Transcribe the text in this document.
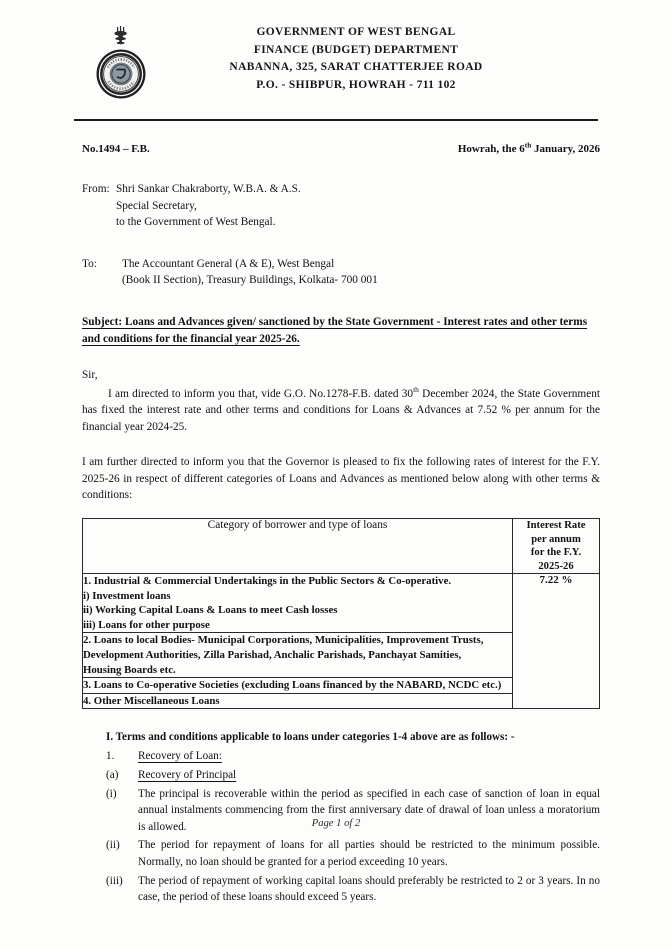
GOVERNMENT OF WEST BENGAL
FINANCE (BUDGET) DEPARTMENT
NABANNA, 325, SARAT CHATTERJEE ROAD
P.O. - SHIBPUR, HOWRAH - 711 102
No.1494 – F.B.	Howrah, the 6th January, 2026
From: Shri Sankar Chakraborty, W.B.A. & A.S.
Special Secretary,
to the Government of West Bengal.
To:	The Accountant General (A & E), West Bengal
(Book II Section), Treasury Buildings, Kolkata- 700 001
Subject: Loans and Advances given/ sanctioned by the State Government - Interest rates and other terms and conditions for the financial year 2025-26.
Sir,
I am directed to inform you that, vide G.O. No.1278-F.B. dated 30th December 2024, the State Government has fixed the interest rate and other terms and conditions for Loans & Advances at 7.52 % per annum for the financial year 2024-25.
I am further directed to inform you that the Governor is pleased to fix the following rates of interest for the F.Y. 2025-26 in respect of different categories of Loans and Advances as mentioned below along with other terms & conditions:
Category of borrower and type of loans	Interest Rate
per annum
for the F.Y.
2025-26

1. Industrial & Commercial Undertakings in the Public Sectors & Co-operative.
i) Investment loans
ii) Working Capital Loans & Loans to meet Cash losses
iii) Loans for other purpose	7.22 %

2. Loans to local Bodies- Municipal Corporations, Municipalities, Improvement Trusts,
Development Authorities, Zilla Parishad, Anchalic Parishads, Panchayat Samities,
Housing Boards etc.	

3. Loans to Co-operative Societies (excluding Loans financed by the NABARD, NCDC etc.)	

4. Other Miscellaneous Loans	
I. Terms and conditions applicable to loans under categories 1-4 above are as follows: -
1.	Recovery of Loan:
(a)	Recovery of Principal
(i)	The principal is recoverable within the period as specified in each case of sanction of loan in equal annual instalments commencing from the first anniversary date of drawal of loan unless a moratorium is allowed.
(ii)	The period for repayment of loans for all parties should be restricted to the minimum possible. Normally, no loan should be granted for a period exceeding 10 years.
(iii)	The period of repayment of working capital loans should preferably be restricted to 2 or 3 years. In no case, the period of these loans should exceed 5 years.
Page 1 of 2
